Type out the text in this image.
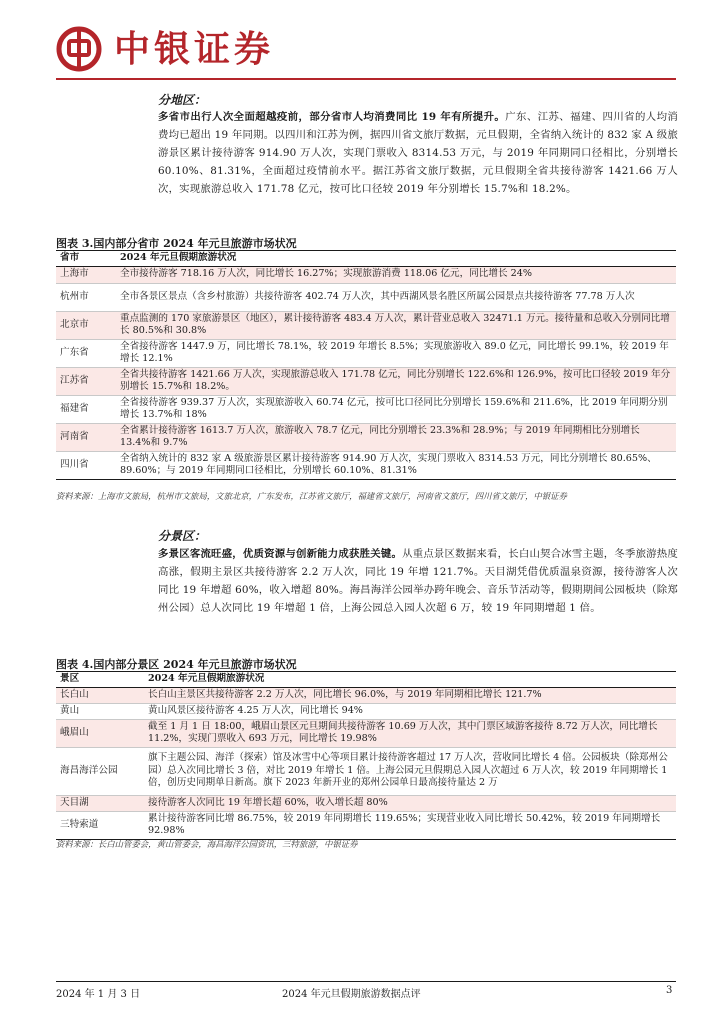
中银证券
分地区：
多省市出行人次全面超越疫前，部分省市人均消费同比 19 年有所提升。广东、江苏、福建、四川省的人均消费均已超出 19 年同期。以四川和江苏为例，据四川省文旅厅数据，元旦假期，全省纳入统计的 832 家 A 级旅游景区累计接待游客 914.90 万人次，实现门票收入 8314.53 万元，与 2019 年同期同口径相比，分别增长 60.10%、81.31%，全面超过疫情前水平。据江苏省文旅厅数据，元旦假期全省共接待游客 1421.66 万人次，实现旅游总收入 171.78 亿元，按可比口径较 2019 年分别增长 15.7%和 18.2%。
图表 3.国内部分省市 2024 年元旦旅游市场状况
省市	2024 年元旦假期旅游状况
上海市	全市接待游客 718.16 万人次，同比增长 16.27%；实现旅游消费 118.06 亿元，同比增长 24%
杭州市	全市各景区景点（含乡村旅游）共接待游客 402.74 万人次，其中西湖风景名胜区所属公园景点共接待游客 77.78 万人次
北京市	重点监测的 170 家旅游景区（地区），累计接待游客 483.4 万人次，累计营业总收入 32471.1 万元。接待量和总收入分别同比增长 80.5%和 30.8%
广东省	全省接待游客 1447.9 万，同比增长 78.1%，较 2019 年增长 8.5%；实现旅游收入 89.0 亿元，同比增长 99.1%，较 2019 年增长 12.1%
江苏省	全省共接待游客 1421.66 万人次，实现旅游总收入 171.78 亿元，同比分别增长 122.6%和 126.9%，按可比口径较 2019 年分别增长 15.7%和 18.2%。
福建省	全省接待游客 939.37 万人次，实现旅游收入 60.74 亿元，按可比口径同比分别增长 159.6%和 211.6%，比 2019 年同期分别增长 13.7%和 18%
河南省	全省累计接待游客 1613.7 万人次，旅游收入 78.7 亿元，同比分别增长 23.3%和 28.9%；与 2019 年同期相比分别增长 13.4%和 9.7%
四川省	全省纳入统计的 832 家 A 级旅游景区累计接待游客 914.90 万人次，实现门票收入 8314.53 万元，同比分别增长 80.65%、89.60%；与 2019 年同期同口径相比，分别增长 60.10%、81.31%
资料来源：上海市文旅局，杭州市文旅局，文旅北京，广东发布，江苏省文旅厅，福建省文旅厅，河南省文旅厅，四川省文旅厅，中银证券
分景区：
多景区客流旺盛，优质资源与创新能力成获胜关键。从重点景区数据来看，长白山契合冰雪主题，冬季旅游热度高涨，假期主景区共接待游客 2.2 万人次，同比 19 年增 121.7%。天目湖凭借优质温泉资源，接待游客人次同比 19 年增超 60%，收入增超 80%。海昌海洋公园举办跨年晚会、音乐节活动等，假期期间公园板块（除郑州公园）总人次同比 19 年增超 1 倍，上海公园总入园人次超 6 万，较 19 年同期增超 1 倍。
图表 4.国内部分景区 2024 年元旦旅游市场状况
景区	2024 年元旦假期旅游状况
长白山	长白山主景区共接待游客 2.2 万人次，同比增长 96.0%，与 2019 年同期相比增长 121.7%
黄山	黄山风景区接待游客 4.25 万人次，同比增长 94%
峨眉山	截至 1 月 1 日 18:00，峨眉山景区元旦期间共接待游客 10.69 万人次，其中门票区域游客接待 8.72 万人次，同比增长 11.2%，实现门票收入 693 万元，同比增长 19.98%
海昌海洋公园	旗下主题公园、海洋（探索）馆及冰雪中心等项目累计接待游客超过 17 万人次，营收同比增长 4 倍。公园板块（除郑州公园）总入次同比增长 3 倍，对比 2019 年增长 1 倍。上海公园元旦假期总入园人次超过 6 万人次，较 2019 年同期增长 1 倍，创历史同期单日新高。旗下 2023 年新开业的郑州公园单日最高接待量达 2 万
天目湖	接待游客人次同比 19 年增长超 60%，收入增长超 80%
三特索道	累计接待游客同比增 86.75%，较 2019 年同期增长 119.65%；实现营业收入同比增长 50.42%，较 2019 年同期增长 92.98%
资料来源：长白山管委会，黄山管委会，海昌海洋公园资讯，三特旅游，中银证券
2024 年 1 月 3 日	2024 年元旦假期旅游数据点评	3
